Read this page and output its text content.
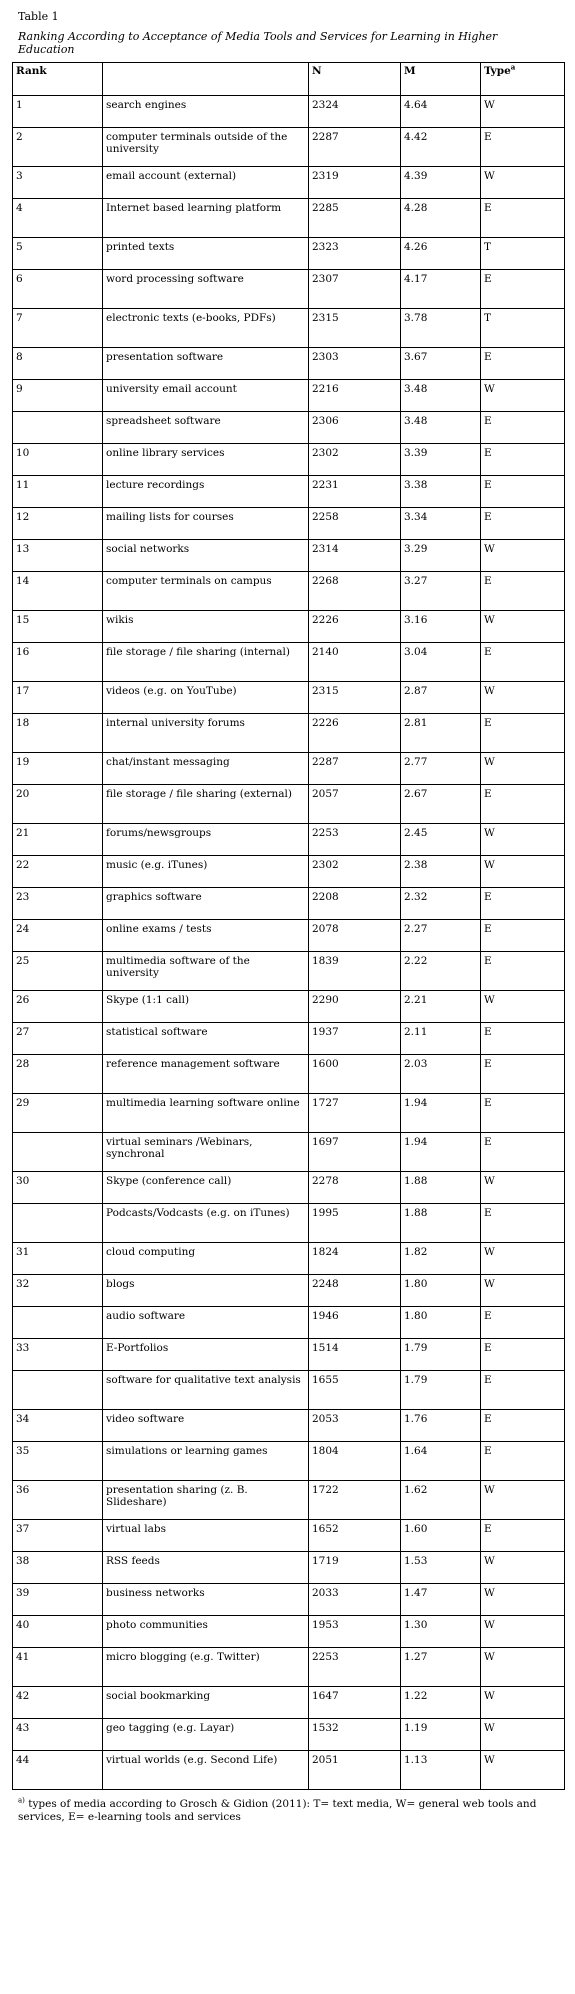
Table 1
Ranking According to Acceptance of Media Tools and Services for Learning in Higher Education
Rank		N	M	Type$^a$
1	search engines	2324	4.64	W
2	computer terminals outside of the university	2287	4.42	E
3	email account (external)	2319	4.39	W
4	Internet based learning platform	2285	4.28	E
5	printed texts	2323	4.26	T
6	word processing software	2307	4.17	E
7	electronic texts (e-books, PDFs)	2315	3.78	T
8	presentation software	2303	3.67	E
9	university email account	2216	3.48	W
	spreadsheet software	2306	3.48	E
10	online library services	2302	3.39	E
11	lecture recordings	2231	3.38	E
12	mailing lists for courses	2258	3.34	E
13	social networks	2314	3.29	W
14	computer terminals on campus	2268	3.27	E
15	wikis	2226	3.16	W
16	file storage / file sharing (internal)	2140	3.04	E
17	videos (e.g. on YouTube)	2315	2.87	W
18	internal university forums	2226	2.81	E
19	chat/instant messaging	2287	2.77	W
20	file storage / file sharing (external)	2057	2.67	E
21	forums/newsgroups	2253	2.45	W
22	music (e.g. iTunes)	2302	2.38	W
23	graphics software	2208	2.32	E
24	online exams / tests	2078	2.27	E
25	multimedia software of the university	1839	2.22	E
26	Skype (1:1 call)	2290	2.21	W
27	statistical software	1937	2.11	E
28	reference management software	1600	2.03	E
29	multimedia learning software online	1727	1.94	E
	virtual seminars /Webinars, synchronal	1697	1.94	E
30	Skype (conference call)	2278	1.88	W
	Podcasts/Vodcasts (e.g. on iTunes)	1995	1.88	E
31	cloud computing	1824	1.82	W
32	blogs	2248	1.80	W
	audio software	1946	1.80	E
33	E-Portfolios	1514	1.79	E
	software for qualitative text analysis	1655	1.79	E
34	video software	2053	1.76	E
35	simulations or learning games	1804	1.64	E
36	presentation sharing (z. B. Slideshare)	1722	1.62	W
37	virtual labs	1652	1.60	E
38	RSS feeds	1719	1.53	W
39	business networks	2033	1.47	W
40	photo communities	1953	1.30	W
41	micro blogging (e.g. Twitter)	2253	1.27	W
42	social bookmarking	1647	1.22	W
43	geo tagging (e.g. Layar)	1532	1.19	W
44	virtual worlds (e.g. Second Life)	2051	1.13	W
$^{a)}$ types of media according to Grosch & Gidion (2011): T= text media, W= general web tools and services, E= e-learning tools and services
